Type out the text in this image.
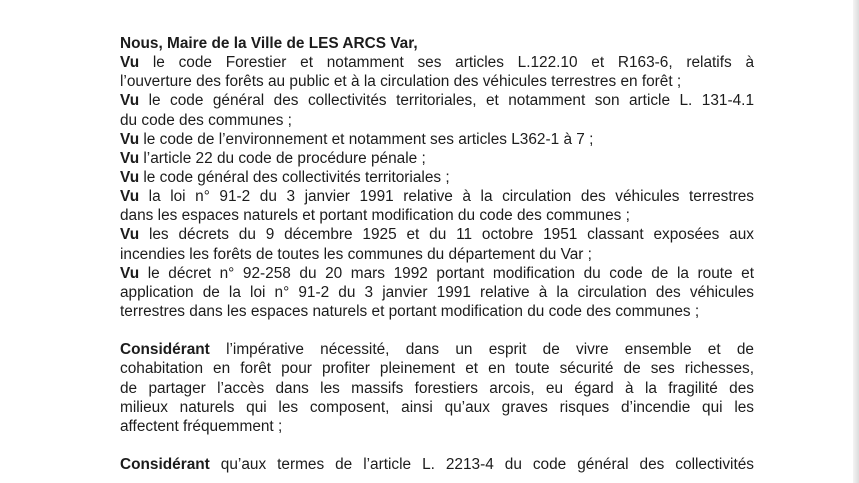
Nous, Maire de la Ville de LES ARCS Var,
Vu le code Forestier et notamment ses articles L.122.10 et R163-6, relatifs à
l’ouverture des forêts au public et à la circulation des véhicules terrestres en forêt ;
Vu le code général des collectivités territoriales, et notamment son article L. 131-4.1
du code des communes ;
Vu le code de l’environnement et notamment ses articles L362-1 à 7 ;
Vu l’article 22 du code de procédure pénale ;
Vu le code général des collectivités territoriales ;
Vu la loi n° 91-2 du 3 janvier 1991 relative à la circulation des véhicules terrestres
dans les espaces naturels et portant modification du code des communes ;
Vu les décrets du 9 décembre 1925 et du 11 octobre 1951 classant exposées aux
incendies les forêts de toutes les communes du département du Var ;
Vu le décret n° 92-258 du 20 mars 1992 portant modification du code de la route et
application de la loi n° 91-2 du 3 janvier 1991 relative à la circulation des véhicules
terrestres dans les espaces naturels et portant modification du code des communes ;
Considérant l’impérative nécessité, dans un esprit de vivre ensemble et de
cohabitation en forêt pour profiter pleinement et en toute sécurité de ses richesses,
de partager l’accès dans les massifs forestiers arcois, eu égard à la fragilité des
milieux naturels qui les composent, ainsi qu’aux graves risques d’incendie qui les
affectent fréquemment ;
Considérant qu’aux termes de l’article L. 2213-4 du code général des collectivités
